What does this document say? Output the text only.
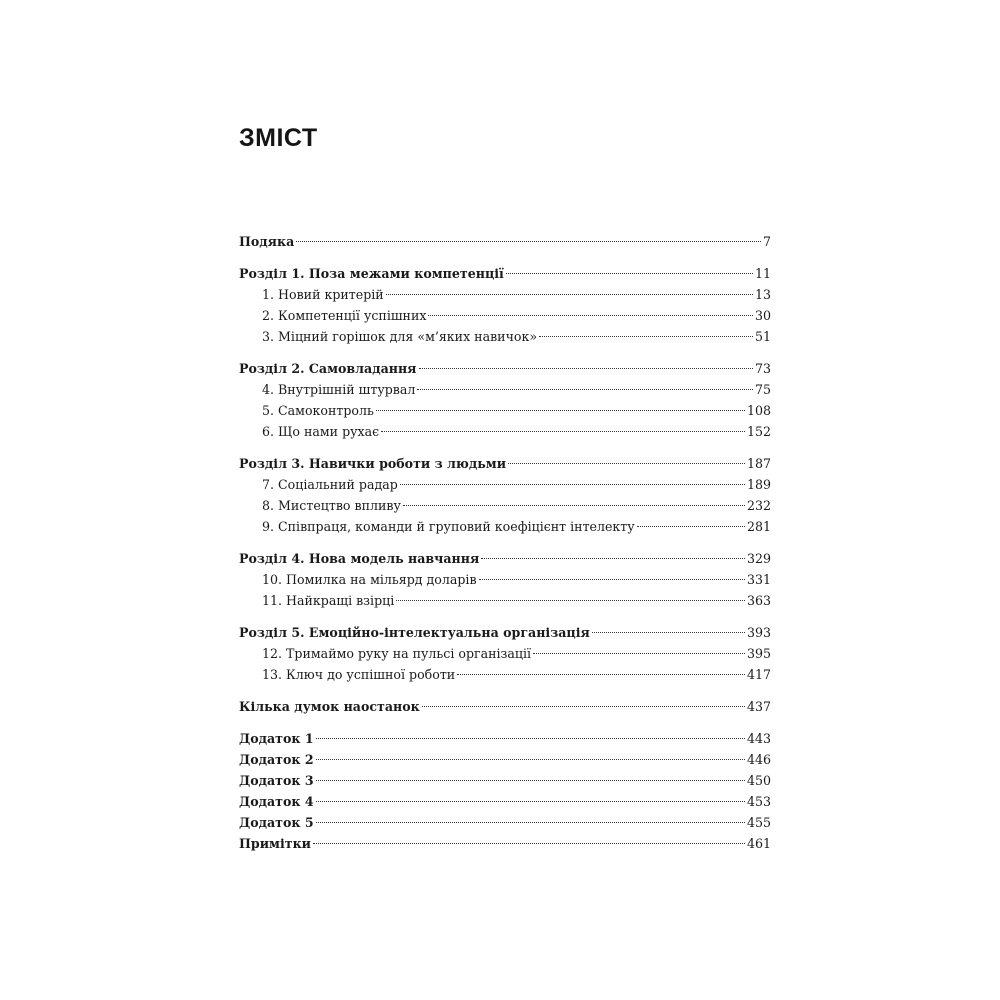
ЗМІСТ
Подяка	7
Розділ 1. Поза межами компетенції	11
1. Новий критерій	13
2. Компетенції успішних	30
3. Міцний горішок для «м’яких навичок»	51
Розділ 2. Самовладання	73
4. Внутрішній штурвал	75
5. Самоконтроль	108
6. Що нами рухає	152
Розділ 3. Навички роботи з людьми	187
7. Соціальний радар	189
8. Мистецтво впливу	232
9. Співпраця, команди й груповий коефіцієнт інтелекту	281
Розділ 4. Нова модель навчання	329
10. Помилка на мільярд доларів	331
11. Найкращі взірці	363
Розділ 5. Емоційно-інтелектуальна організація	393
12. Тримаймо руку на пульсі організації	395
13. Ключ до успішної роботи	417
Кілька думок наостанок	437
Додаток 1	443
Додаток 2	446
Додаток 3	450
Додаток 4	453
Додаток 5	455
Примітки	461
